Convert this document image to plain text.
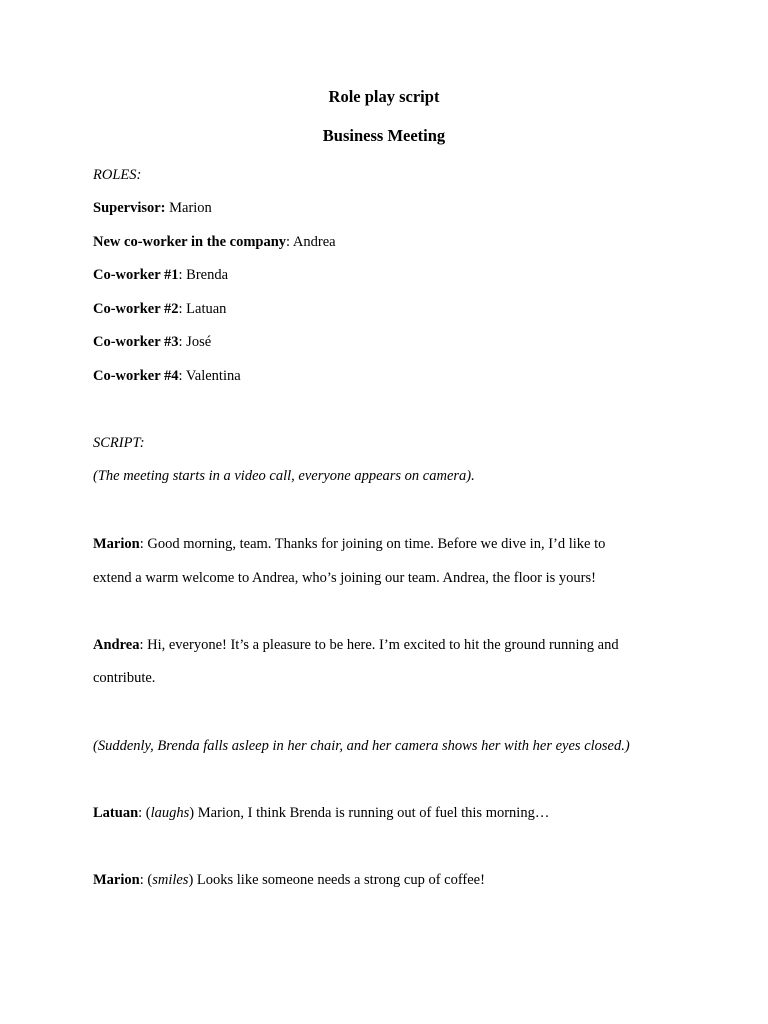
Role play script
Business Meeting
ROLES:
Supervisor: Marion
New co-worker in the company: Andrea
Co-worker #1: Brenda
Co-worker #2: Latuan
Co-worker #3: José
Co-worker #4: Valentina
SCRIPT:
(The meeting starts in a video call, everyone appears on camera).
Marion: Good morning, team. Thanks for joining on time. Before we dive in, I’d like to
extend a warm welcome to Andrea, who’s joining our team. Andrea, the floor is yours!
Andrea: Hi, everyone! It’s a pleasure to be here. I’m excited to hit the ground running and
contribute.
(Suddenly, Brenda falls asleep in her chair, and her camera shows her with her eyes closed.)
Latuan: (laughs) Marion, I think Brenda is running out of fuel this morning…
Marion: (smiles) Looks like someone needs a strong cup of coffee!
